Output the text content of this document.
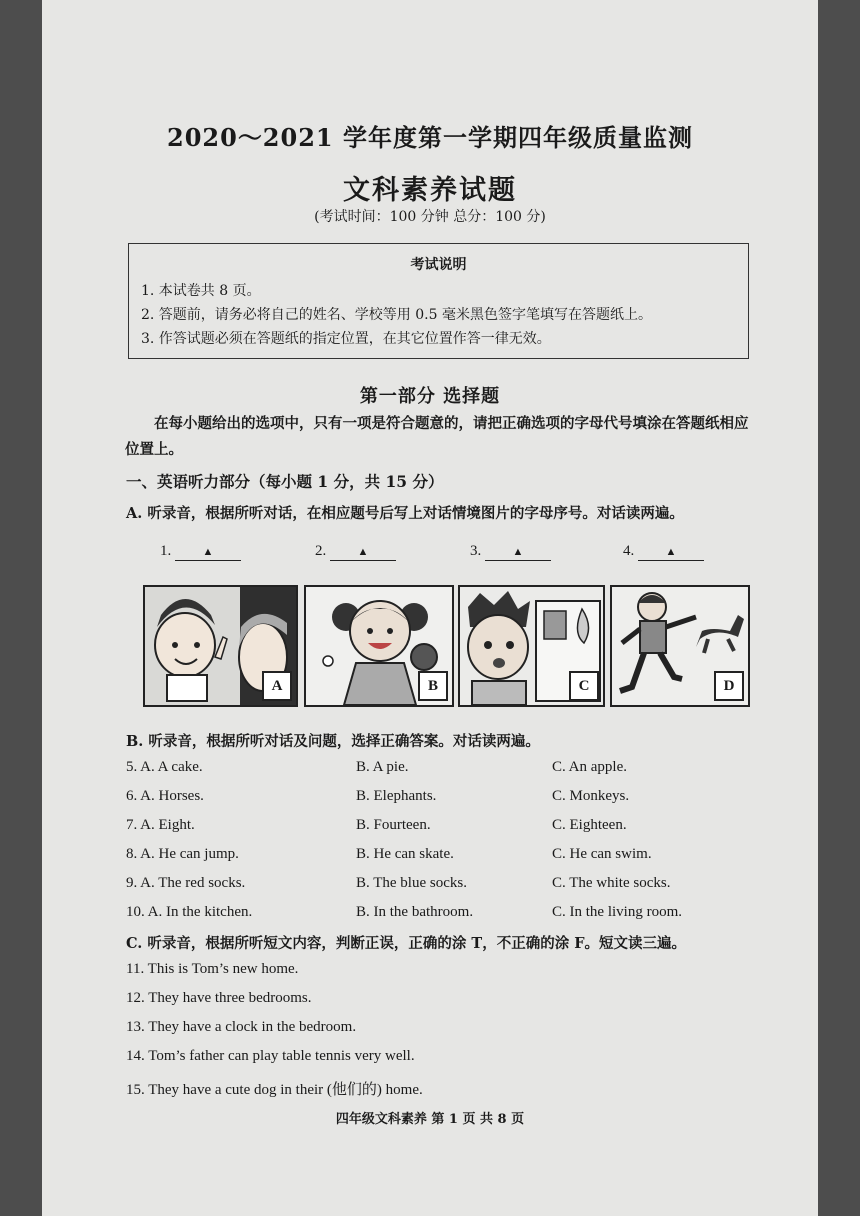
2020～2021 学年度第一学期四年级质量监测
文科素养试题
(考试时间：100 分钟 总分：100 分)
考试说明
1. 本试卷共 8 页。
2. 答题前，请务必将自己的姓名、学校等用 0.5 毫米黑色签字笔填写在答题纸上。
3. 作答试题必须在答题纸的指定位置，在其它位置作答一律无效。
第一部分 选择题
在每小题给出的选项中，只有一项是符合题意的，请把正确选项的字母代号填涂在答题纸相应位置上。
一、英语听力部分（每小题 1 分，共 15 分）
A. 听录音，根据所听对话，在相应题号后写上对话情境图片的字母序号。对话读两遍。
1.	▲	2.	▲	3.	▲	4.	▲
A	B	C	D
B. 听录音，根据所听对话及问题，选择正确答案。对话读两遍。
5. A. A cake.	B. A pie.	C. An apple.
6. A. Horses.	B. Elephants.	C. Monkeys.
7. A. Eight.	B. Fourteen.	C. Eighteen.
8. A. He can jump.	B. He can skate.	C. He can swim.
9. A. The red socks.	B. The blue socks.	C. The white socks.
10. A. In the kitchen.	B. In the bathroom.	C. In the living room.
C. 听录音，根据所听短文内容，判断正误，正确的涂 T，不正确的涂 F。短文读三遍。
11. This is Tom’s new home.
12. They have three bedrooms.
13. They have a clock in the bedroom.
14. Tom’s father can play table tennis very well.
15. They have a cute dog in their (他们的) home.
四年级文科素养 第 1 页 共 8 页
